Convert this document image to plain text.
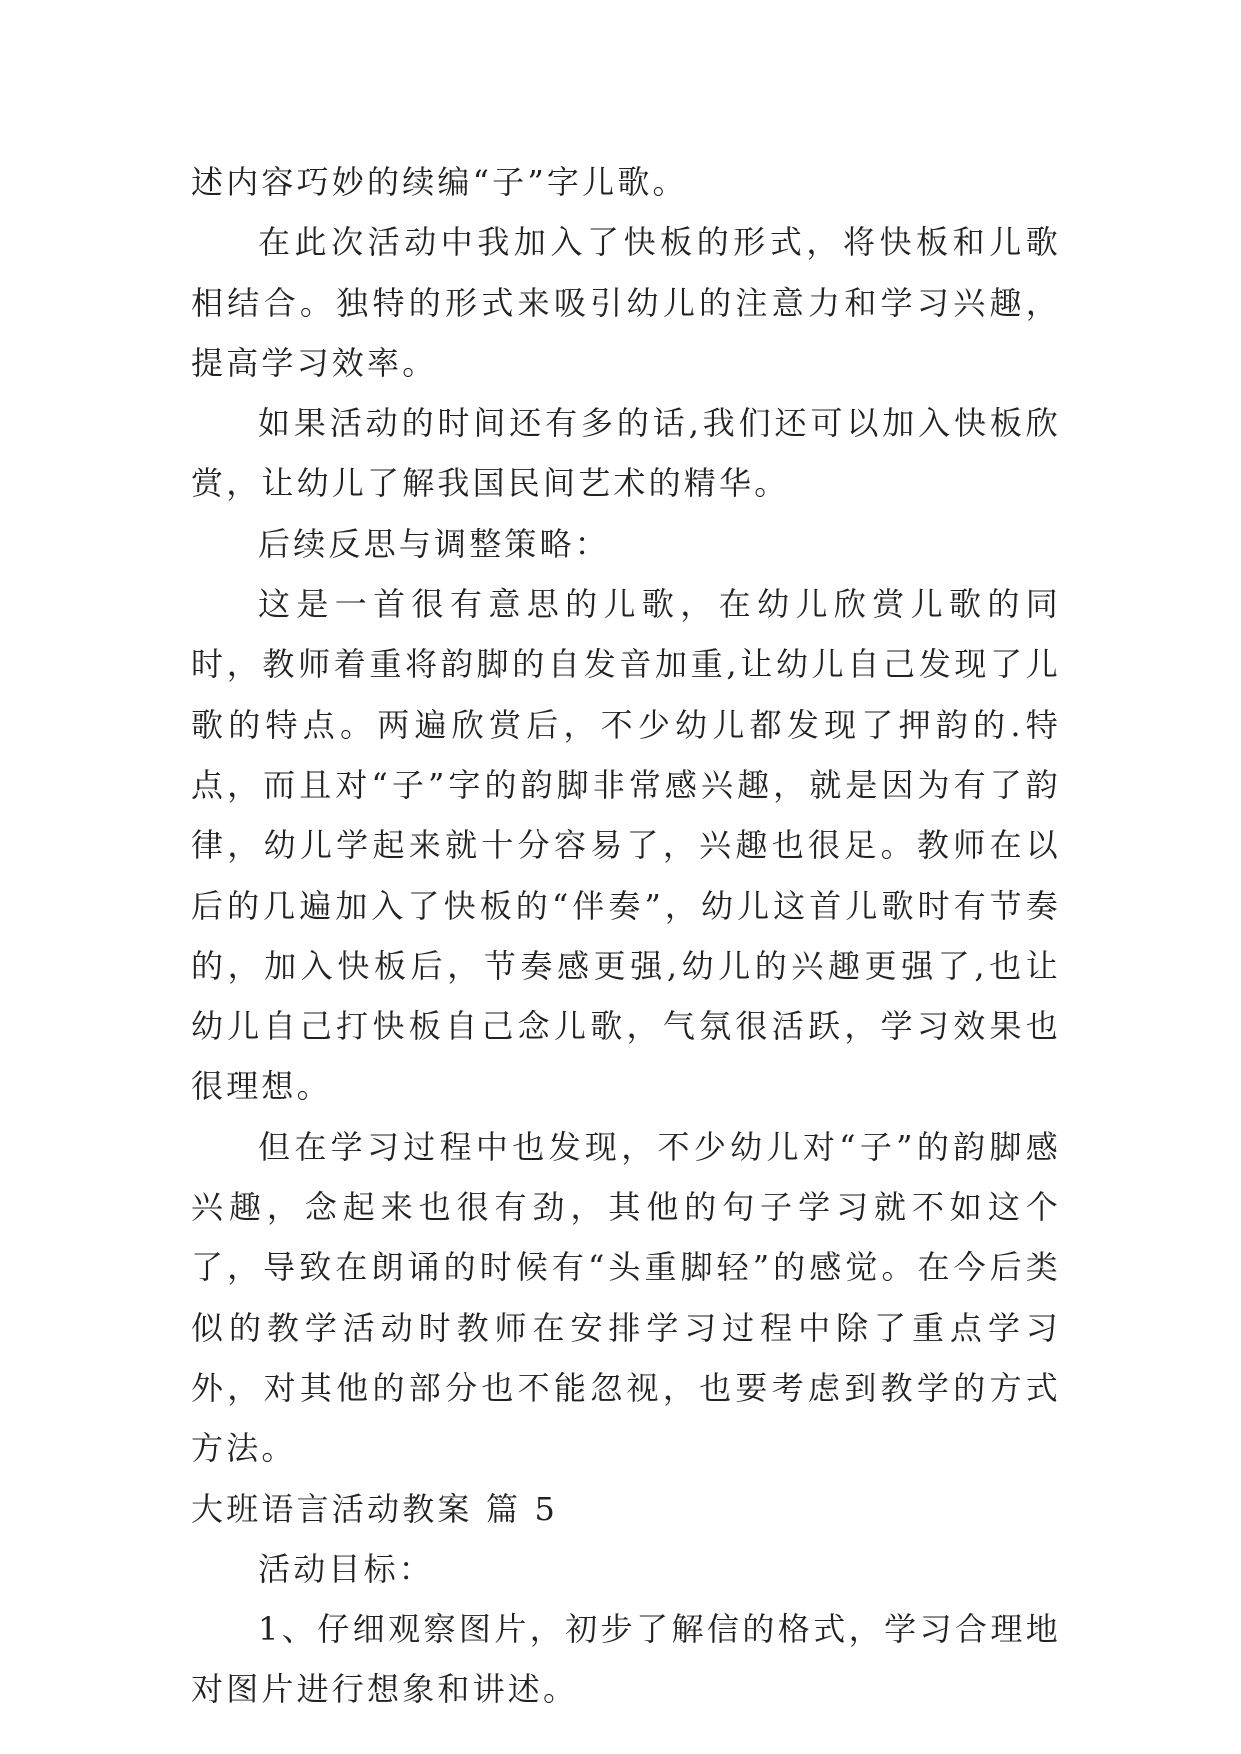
述内容巧妙的续编“子”字儿歌。

在此次活动中我加入了快板的形式，将快板和儿歌相结合。独特的形式来吸引幼儿的注意力和学习兴趣，提高学习效率。

如果活动的时间还有多的话,我们还可以加入快板欣赏，让幼儿了解我国民间艺术的精华。

后续反思与调整策略：

这是一首很有意思的儿歌，在幼儿欣赏儿歌的同时，教师着重将韵脚的自发音加重,让幼儿自己发现了儿歌的特点。两遍欣赏后，不少幼儿都发现了押韵的.特点，而且对“子”字的韵脚非常感兴趣，就是因为有了韵律，幼儿学起来就十分容易了，兴趣也很足。教师在以后的几遍加入了快板的“伴奏”，幼儿这首儿歌时有节奏的，加入快板后，节奏感更强,幼儿的兴趣更强了,也让幼儿自己打快板自己念儿歌，气氛很活跃，学习效果也很理想。

但在学习过程中也发现，不少幼儿对“子”的韵脚感兴趣，念起来也很有劲，其他的句子学习就不如这个了，导致在朗诵的时候有“头重脚轻”的感觉。在今后类似的教学活动时教师在安排学习过程中除了重点学习外，对其他的部分也不能忽视，也要考虑到教学的方式方法。

大班语言活动教案 篇 5

活动目标：

1、仔细观察图片，初步了解信的格式，学习合理地对图片进行想象和讲述。
